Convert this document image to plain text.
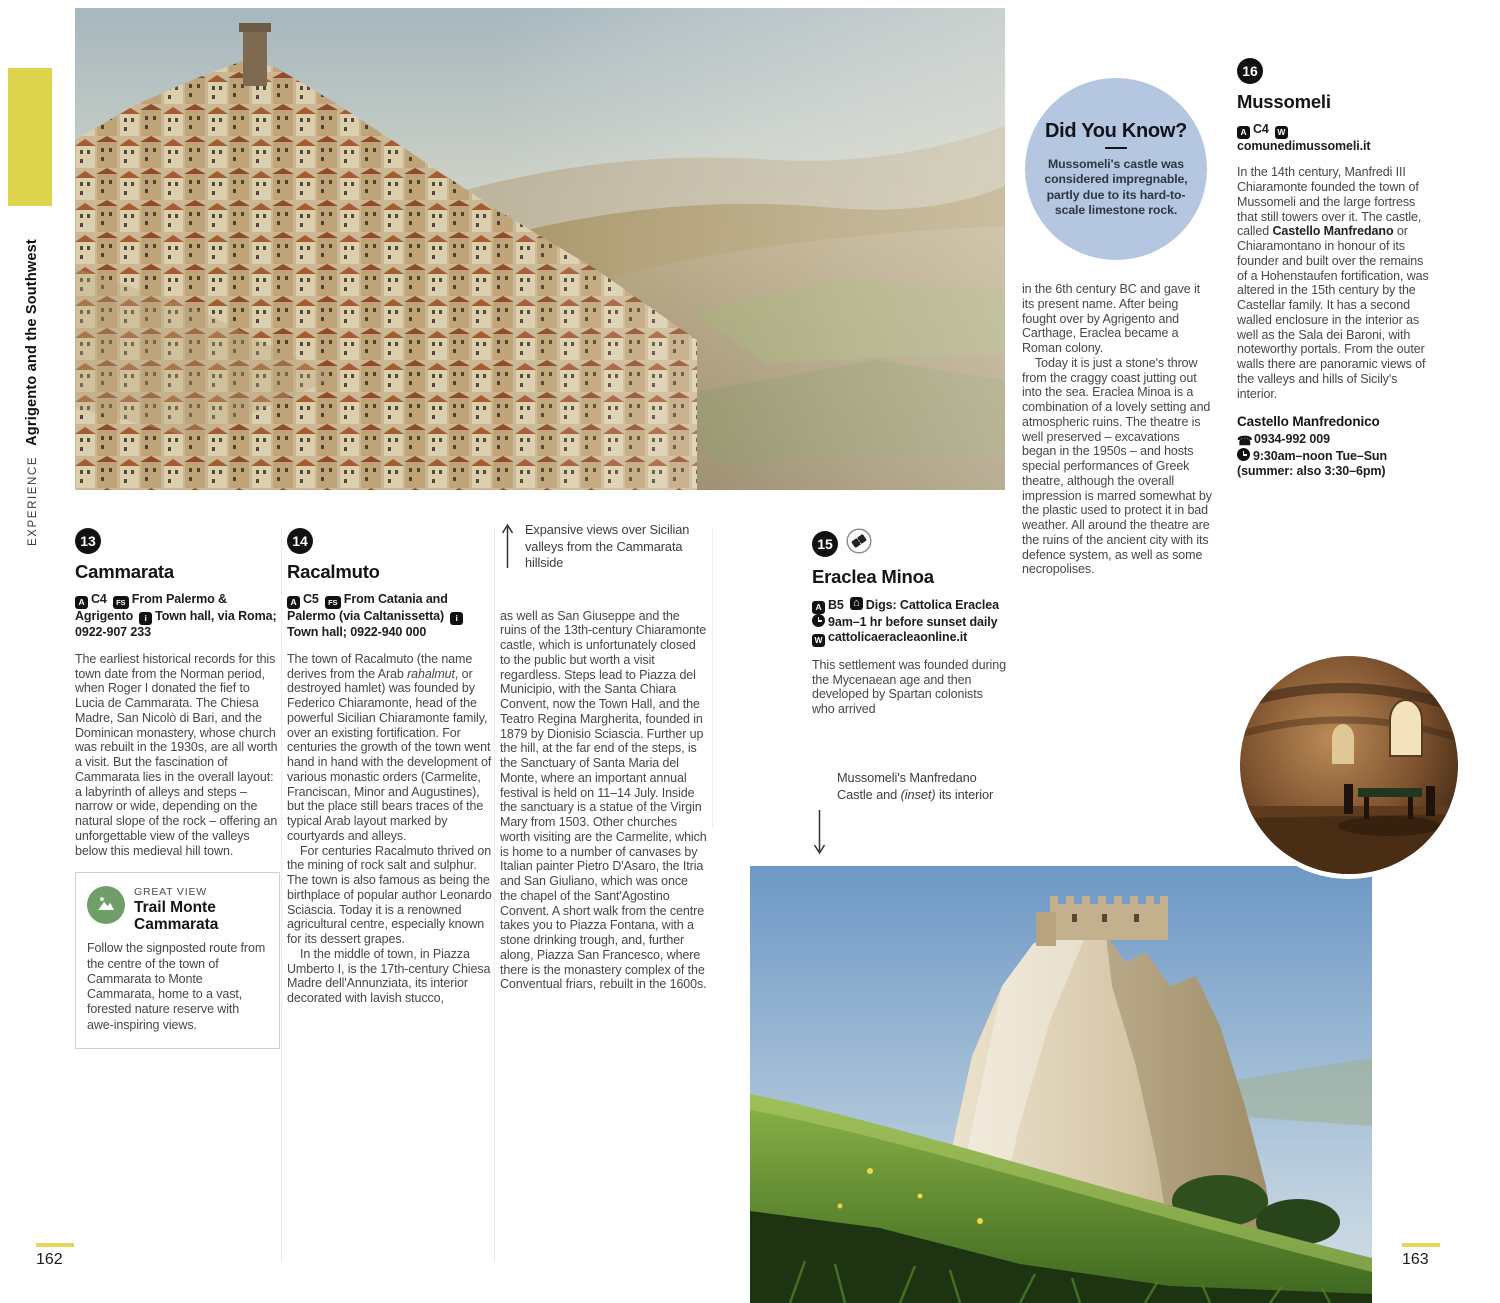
EXPERIENCE
Agrigento and the Southwest
13
Cammarata

A C4 FS From Palermo & Agrigento i Town hall, via Roma; 0922-907 233

The earliest historical records for this town date from the Norman period, when Roger I donated the fief to Lucia de Cammarata. The Chiesa Madre, San Nicolò di Bari, and the Dominican monastery, whose church was rebuilt in the 1930s, are all worth a visit. But the fascination of Cammarata lies in the overall layout: a labyrinth of alleys and steps – narrow or wide, depending on the natural slope of the rock – offering an unforgettable view of the valleys below this medieval hill town.

GREAT VIEW
Trail Monte Cammarata
Follow the signposted route from the centre of the town of Cammarata to Monte Cammarata, home to a vast, forested nature reserve with awe-inspiring views.
14
Racalmuto

A C5 FS From Catania and Palermo (via Caltanissetta) iTown hall; 0922-940 000

The town of Racalmuto (the name derives from the Arab rahalmut, or destroyed hamlet) was founded by Federico Chiaramonte, head of the powerful Sicilian Chiaramonte family, over an existing fortification. For centuries the growth of the town went hand in hand with the development of various monastic orders (Carmelite, Franciscan, Minor and Augustines), but the place still bears traces of the typical Arab layout marked by courtyards and alleys.

For centuries Racalmuto thrived on the mining of rock salt and sulphur. The town is also famous as being the birthplace of popular author Leonardo Sciascia. Today it is a renowned agricultural centre, especially known for its dessert grapes.

In the middle of town, in Piazza Umberto I, is the 17th-century Chiesa Madre dell'Annunziata, its interior decorated with lavish stucco,

Expansive views over Sicilian valleys from the Cammarata hillside

as well as San Giuseppe and the ruins of the 13th-century Chiaramonte castle, which is unfortunately closed to the public but worth a visit regardless. Steps lead to Piazza del Municipio, with the Santa Chiara Convent, now the Town Hall, and the Teatro Regina Margherita, founded in 1879 by Dionisio Sciascia. Further up the hill, at the far end of the steps, is the Sanctuary of Santa Maria del Monte, where an important annual festival is held on 11–14 July. Inside the sanctuary is a statue of the Virgin Mary from 1503. Other churches worth visiting are the Carmelite, which is home to a number of canvases by Italian painter Pietro D'Asaro, the Itria and San Giuliano, which was once the chapel of the Sant'Agostino Convent. A short walk from the centre takes you to Piazza Fontana, with a stone drinking trough, and, further along, Piazza San Francesco, where there is the monastery complex of the Conventual friars, rebuilt in the 1600s.

15
Eraclea Minoa

A B5 ⌂ Digs: Cattolica Eraclea9am–1 hr before sunset dailyW cattolicaeracleaonline.it

This settlement was founded during the Mycenaean age and then developed by Spartan colonists who arrived

Mussomeli's Manfredano Castle and (inset) its interior
Did You Know?

Mussomeli's castle was considered impregnable, partly due to its hard-to-scale limestone rock.

in the 6th century BC and gave it its present name. After being fought over by Agrigento and Carthage, Eraclea became a Roman colony.

Today it is just a stone's throw from the craggy coast jutting out into the sea. Eraclea Minoa is a combination of a lovely setting and atmospheric ruins. The theatre is well preserved – excavations began in the 1950s – and hosts special performances of Greek theatre, although the overall impression is marred somewhat by the plastic used to protect it in bad weather. All around the theatre are the ruins of the ancient city with its defence system, as well as some necropolises.

16
Mussomeli

A C4 Wcomunedimussomeli.it

In the 14th century, Manfredi III Chiaramonte founded the town of Mussomeli and the large fortress that still towers over it. The castle, called Castello Manfredano or Chiaramontano in honour of its founder and built over the remains of a Hohenstaufen fortification, was altered in the 15th century by the Castellar family. It has a second walled enclosure in the interior as well as the Sala dei Baroni, with noteworthy portals. From the outer walls there are panoramic views of the valleys and hills of Sicily's interior.

Castello Manfredonico

☎ 0934-992 009

9:30am–noon Tue–Sun (summer: also 3:30–6pm)

162	163
